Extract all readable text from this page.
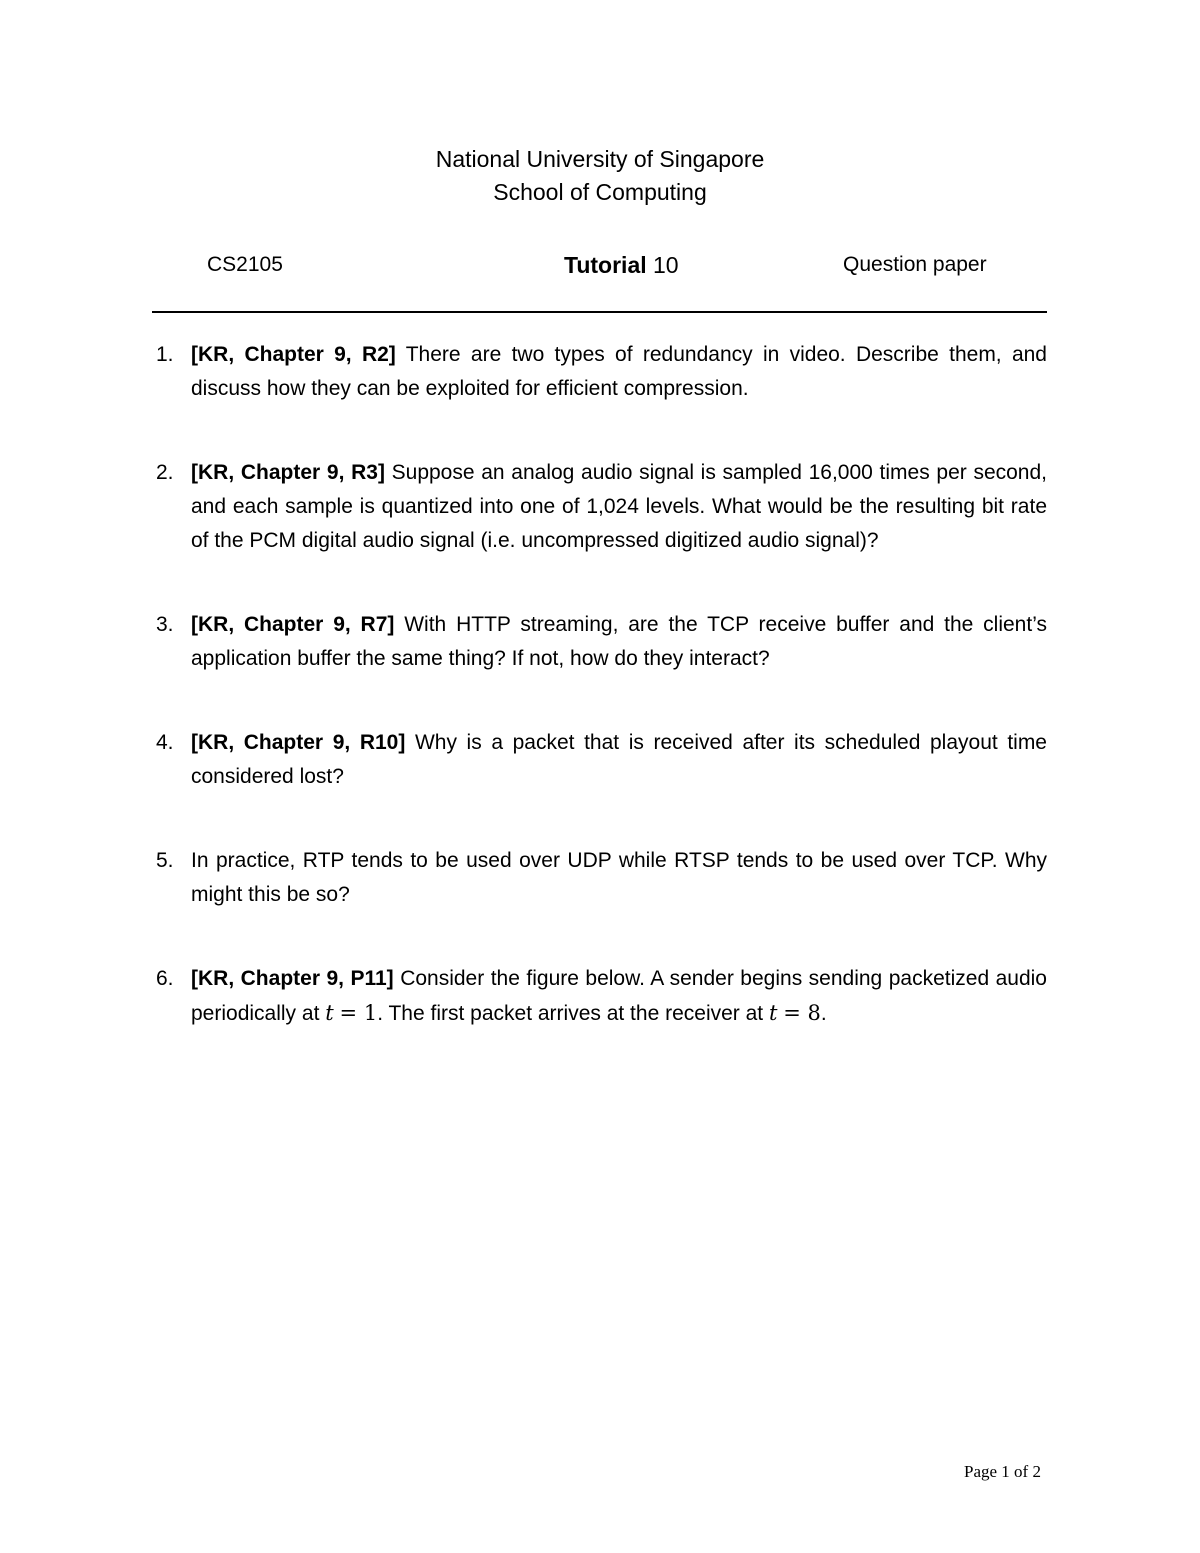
National University of Singapore
School of Computing
CS2105	Tutorial 10	Question paper
1. [KR, Chapter 9, R2] There are two types of redundancy in video. Describe them, and discuss how they can be exploited for efficient compression.
2. [KR, Chapter 9, R3] Suppose an analog audio signal is sampled 16,000 times per second, and each sample is quantized into one of 1,024 levels. What would be the resulting bit rate of the PCM digital audio signal (i.e. uncompressed digitized audio signal)?
3. [KR, Chapter 9, R7] With HTTP streaming, are the TCP receive buffer and the client’s application buffer the same thing? If not, how do they interact?
4. [KR, Chapter 9, R10] Why is a packet that is received after its scheduled playout time considered lost?
5. In practice, RTP tends to be used over UDP while RTSP tends to be used over TCP. Why might this be so?
6. [KR, Chapter 9, P11] Consider the figure below. A sender begins sending packetized audio periodically at t = 1. The first packet arrives at the receiver at t = 8.
Page 1 of 2
